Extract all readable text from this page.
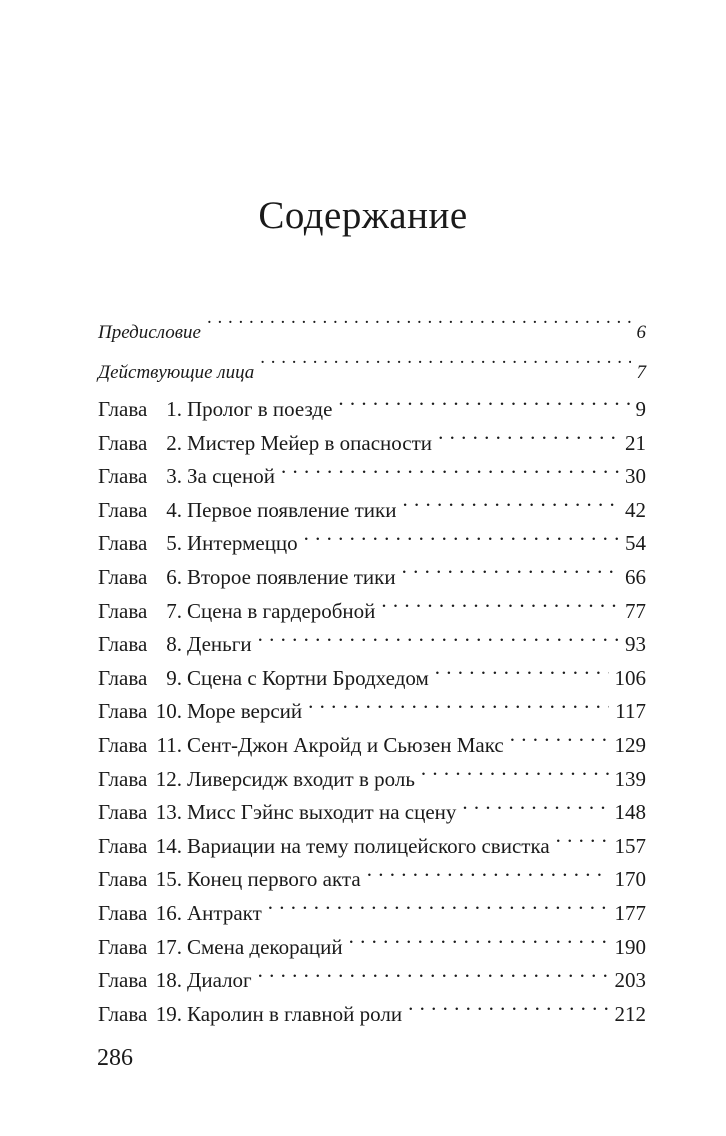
Содержание
Предисловие . . .	6
Действующие лица . . .	7
Глава 1. Пролог в поезде . . .	9
Глава 2. Мистер Мейер в опасности . . .	21
Глава 3. За сценой . . .	30
Глава 4. Первое появление тики . . .	42
Глава 5. Интермеццо . . .	54
Глава 6. Второе появление тики . . .	66
Глава 7. Сцена в гардеробной . . .	77
Глава 8. Деньги . . .	93
Глава 9. Сцена с Кортни Бродхедом . . .	106
Глава 10. Море версий . . .	117
Глава 11. Сент-Джон Акройд и Сьюзен Макс . . .	129
Глава 12. Ливерсидж входит в роль . . .	139
Глава 13. Мисс Гэйнс выходит на сцену . . .	148
Глава 14. Вариации на тему полицейского свистка . . .	157
Глава 15. Конец первого акта . . .	170
Глава 16. Антракт . . .	177
Глава 17. Смена декораций . . .	190
Глава 18. Диалог . . .	203
Глава 19. Каролин в главной роли . . .	212
286
